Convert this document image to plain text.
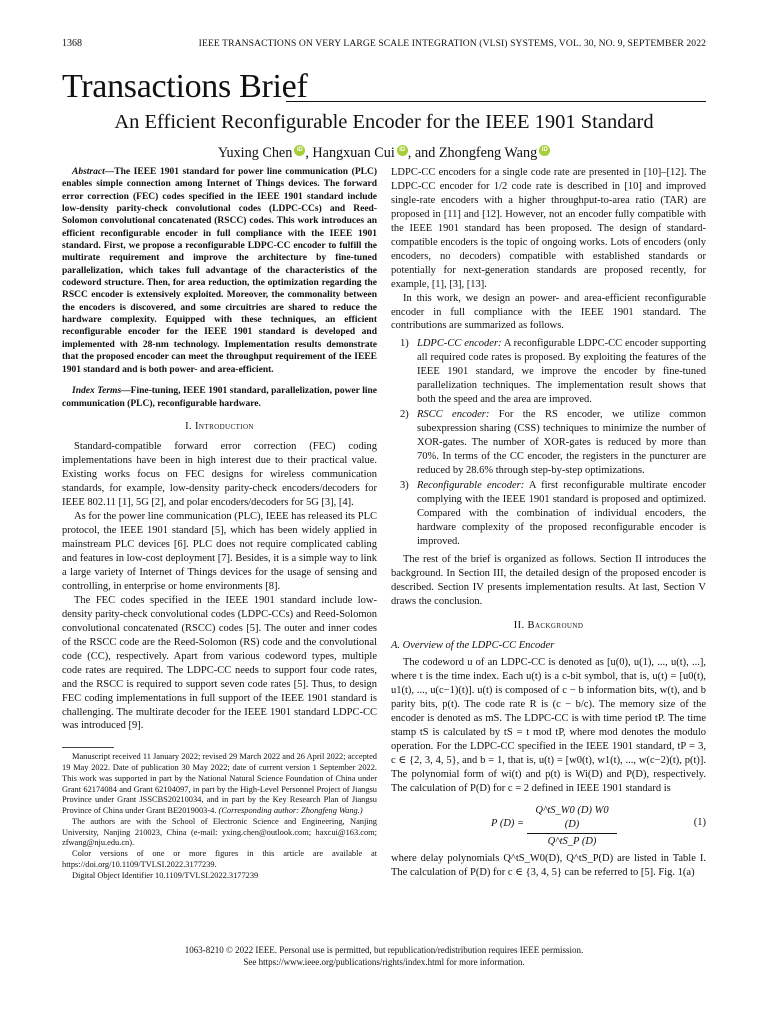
1368	IEEE TRANSACTIONS ON VERY LARGE SCALE INTEGRATION (VLSI) SYSTEMS, VOL. 30, NO. 9, SEPTEMBER 2022
Transactions Brief
An Efficient Reconfigurable Encoder for the IEEE 1901 Standard
Yuxing Chen iD , Hangxuan Cui iD , and Zhongfeng Wang iD

Abstract—The IEEE 1901 standard for power line communication (PLC) enables simple connection among Internet of Things devices. The forward error correction (FEC) codes specified in the IEEE 1901 standard include low-density parity-check convolutional codes (LDPC-CCs) and Reed-Solomon convolutional concatenated (RSCC) codes. This work introduces an efficient reconfigurable encoder in full compliance with the IEEE 1901 standard. First, we propose a reconfigurable LDPC-CC encoder to fulfill the multirate requirement and improve the architecture by fine-tuned parallelization, which takes full advantage of the characteristics of the codeword structure. Then, for area reduction, the optimization regarding the RSCC encoder is extensively exploited. Moreover, the commonality between the encoders is discovered, and some circuitries are shared to reduce the hardware complexity. Equipped with these techniques, an efficient reconfigurable encoder for the IEEE 1901 standard is developed and implemented with 28-nm technology. Implementation results demonstrate that the proposed encoder can meet the throughput requirement of the IEEE 1901 standard and is both power- and area-efficient.

Index Terms—Fine-tuning, IEEE 1901 standard, parallelization, power line communication (PLC), reconfigurable hardware.

I. Introduction

Standard-compatible forward error correction (FEC) coding implementations have been in high interest due to their practical value. Existing works focus on FEC designs for wireless communication standards, for example, low-density parity-check encoders/decoders for IEEE 802.11 [1], 5G [2], and polar encoders/decoders for 5G [3], [4].

As for the power line communication (PLC), IEEE has released its PLC protocol, the IEEE 1901 standard [5], which has been widely applied in mainstream PLC devices [6]. PLC does not require complicated cabling and features in low-cost deployment [7]. Besides, it is a simple way to link a large variety of Internet of Things devices for the usage of sensing and controlling, in enterprise or home environments [8].

The FEC codes specified in the IEEE 1901 standard include low-density parity-check convolutional codes (LDPC-CCs) and Reed-Solomon convolutional concatenated (RSCC) codes [5]. The outer and inner codes of the RSCC code are the Reed-Solomon (RS) code and the convolutional code (CC), respectively. Apart from various codeword types, multiple code rates are required. The LDPC-CC needs to support four code rates, and the RSCC is required to support seven code rates [5]. Thus, to design FEC coding implementations in full support of the IEEE 1901 standard is challenging. The multirate decoder for the IEEE 1901 standard LDPC-CC was introduced [9].

Manuscript received 11 January 2022; revised 29 March 2022 and 26 April 2022; accepted 19 May 2022. Date of publication 30 May 2022; date of current version 1 September 2022. This work was supported in part by the National Natural Science Foundation of China under Grant 62174084 and Grant 62104097, in part by the High-Level Personnel Project of Jiangsu Province under Grant JSSCBS20210034, and in part by the Key Research Plan of Jiangsu Province of China under Grant BE2019003-4. (Corresponding author: Zhongfeng Wang.)

The authors are with the School of Electronic Science and Engineering, Nanjing University, Nanjing 210023, China (e-mail: yxing.chen@outlook.com; haxcui@163.com; zfwang@nju.edu.cn).

Color versions of one or more figures in this article are available at https://doi.org/10.1109/TVLSI.2022.3177239.

Digital Object Identifier 10.1109/TVLSI.2022.3177239

LDPC-CC encoders for a single code rate are presented in [10]–[12]. The LDPC-CC encoder for 1/2 code rate is described in [10] and improved single-rate encoders with a higher throughput-to-area ratio (TAR) are proposed in [11] and [12]. However, not an encoder fully compatible with the IEEE 1901 standard has been proposed. The design of standard-compatible encoders is the topic of ongoing works. Lots of encoders (only encoders, no decoders) compatible with established standards or potentially for next-generation standards are proposed recently, for example, [1], [3], [13].

In this work, we design an power- and area-efficient reconfigurable encoder in full compliance with the IEEE 1901 standard. The contributions are summarized as follows.

1) LDPC-CC encoder: A reconfigurable LDPC-CC encoder supporting all required code rates is proposed. By exploiting the features of the IEEE 1901 standard, we improve the encoder by fine-tuned parallelization techniques. The implementation result shows that both the speed and the area are improved.
2) RSCC encoder: For the RS encoder, we utilize common subexpression sharing (CSS) techniques to minimize the number of XOR-gates. The number of XOR-gates is reduced by more than 70%. In terms of the CC encoder, the registers in the puncturer are reduced by 28.6% through step-by-step optimizations.
3) Reconfigurable encoder: A first reconfigurable multirate encoder complying with the IEEE 1901 standard is proposed and optimized. Compared with the combination of individual encoders, the hardware complexity of the proposed reconfigurable encoder is improved.

The rest of the brief is organized as follows. Section II introduces the background. In Section III, the detailed design of the proposed encoder is described. Section IV presents implementation results. At last, Section V draws the conclusion.

II. Background
A. Overview of the LDPC-CC Encoder

The codeword u of an LDPC-CC is denoted as [u(0), u(1), ..., u(t), ...], where t is the time index. Each u(t) is a c-bit symbol, that is, u(t) = [u0(t), u1(t), ..., u(c−1)(t)]. u(t) is composed of c − b information bits, w(t), and b parity bits, p(t). The code rate R is (c − b/c). The memory size of the encoder is denoted as mS. The LDPC-CC is with time period tP. The time stamp tS is calculated by tS = t mod tP, where mod denotes the modulo operation. For the LDPC-CC specified in the IEEE 1901 standard, tP = 3, c ∈ {2, 3, 4, 5}, and b = 1, that is, u(t) = [w0(t), w1(t), ..., w(c−2)(t), p(t)]. The polynomial form of wi(t) and p(t) is Wi(D) and P(D), respectively. The calculation of P(D) for c = 2 defined in IEEE 1901 standard is

P $(D) = \frac{Q\^{}tS\_W0 (D) W0 (D)}{Q\^{}tS\_P (D)}$	(1)

where delay polynomials Q^tS_W0(D), Q^tS_P(D) are listed in Table I. The calculation of P(D) for c ∈ {3, 4, 5} can be referred to [5]. Fig. 1(a)

1063-8210 © 2022 IEEE. Personal use is permitted, but republication/redistribution requires IEEE permission.
See https://www.ieee.org/publications/rights/index.html for more information.
